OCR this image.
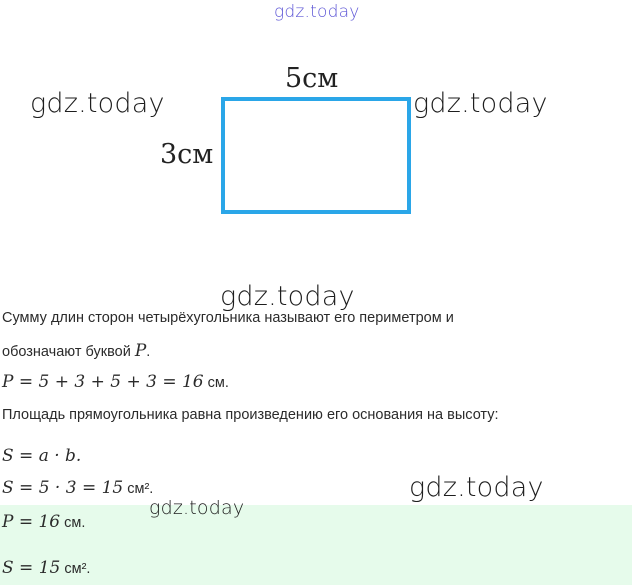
gdz.today
gdz.today	gdz.today
gdz.today
gdz.today
5см
3см
Сумму длин сторон четырёхугольника называют его периметром и
обозначают буквой P.
P = 5 + 3 + 5 + 3 = 16 см.
Площадь прямоугольника равна произведению его основания на высоту:
S = a · b.
S = 5 · 3 = 15 см².
gdz.today
P = 16 см.
S = 15 см².
